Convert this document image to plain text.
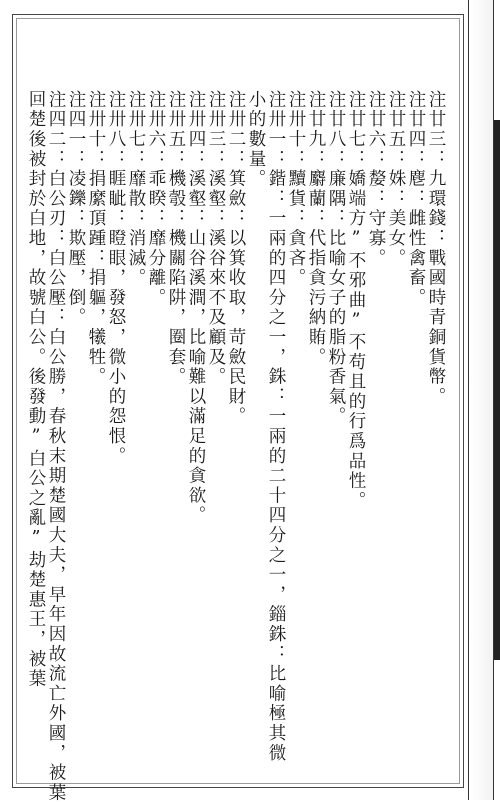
注廿三：九環錢：戰國時青銅貨幣。
注廿四：麀：雌性禽畜。
注廿五：姝：美女。
注廿六：嫠：守寡。
注廿七：嬌端方”不邪曲”不苟且的行爲品性。
注廿八：廉隅：比喻女子的脂粉香氣。
注廿九：麝蘭：代指貪污納賄。
注卅十：黷貨：貪吝。
注卅一：鍇：一兩的四分之一，銖：一兩的二十四分之一，錙銖：比喻極其微
小的數量。
注卅二：箕斂：以箕收取，苛斂民財。
注卅三：溪壑：溪谷來不及顧及。
注卅四：溪壑：山谷溪澗，比喻難以滿足的貪欲。
注卅五：機彀：機關陷阱，圈套。
注卅六：乖睽：靡分離。
注卅七：靡散：消滅。
注卅八：睚眦：瞪眼，發怒，微小的怨恨。
注卅十：捐縻頂踵：捐軀，犧牲。
注四一：凌鑠：欺壓，倒。
注四二：白公刃：白公壓：白公勝，春秋末期楚國大夫，早年因故流亡外國，被葉
回楚後被封於白地，故號白公。後發動”白公之亂”劫楚惠王，被葉
